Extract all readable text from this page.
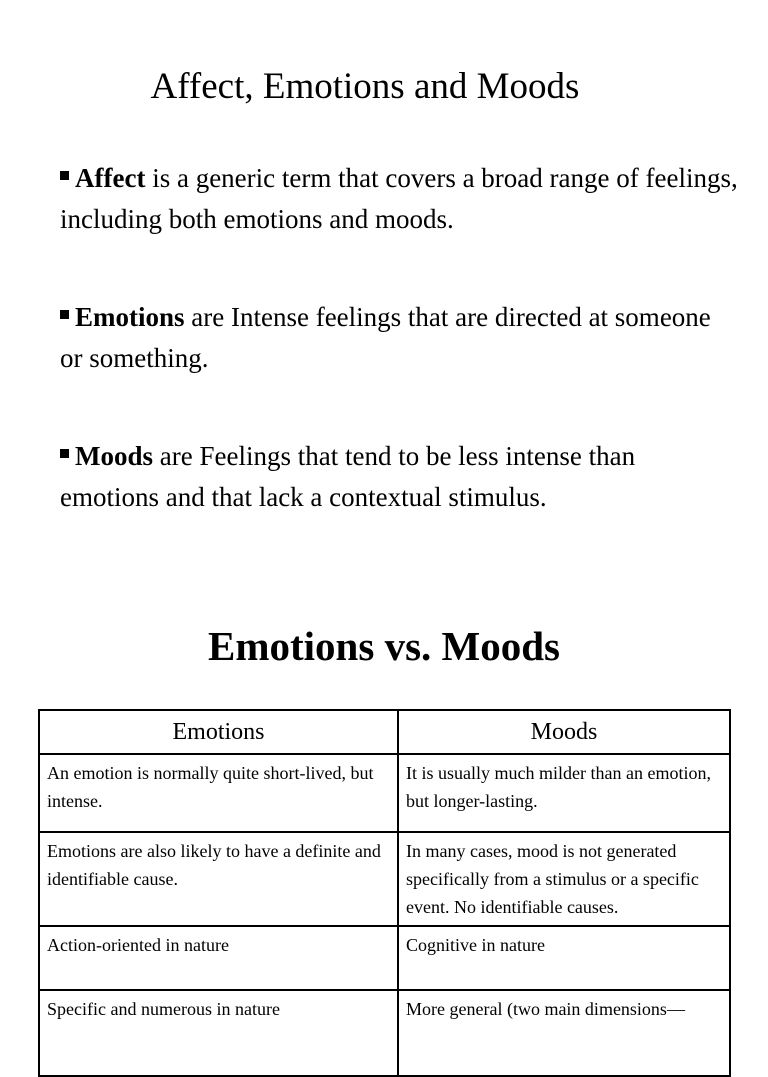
Affect, Emotions and Moods

Affect is a generic term that covers a broad range of feelings, including both emotions and moods.

Emotions are Intense feelings that are directed at someone or something.

Moods are Feelings that tend to be less intense than emotions and that lack a contextual stimulus.

Emotions vs. Moods
Emotions	Moods
An emotion is normally quite short-lived, but intense.	It is usually much milder than an emotion, but longer-lasting.
Emotions are also likely to have a definite and identifiable cause.	In many cases, mood is not generated specifically from a stimulus or a specific event. No identifiable causes.
Action-oriented in nature	Cognitive in nature
Specific and numerous in nature	More general (two main dimensions—
